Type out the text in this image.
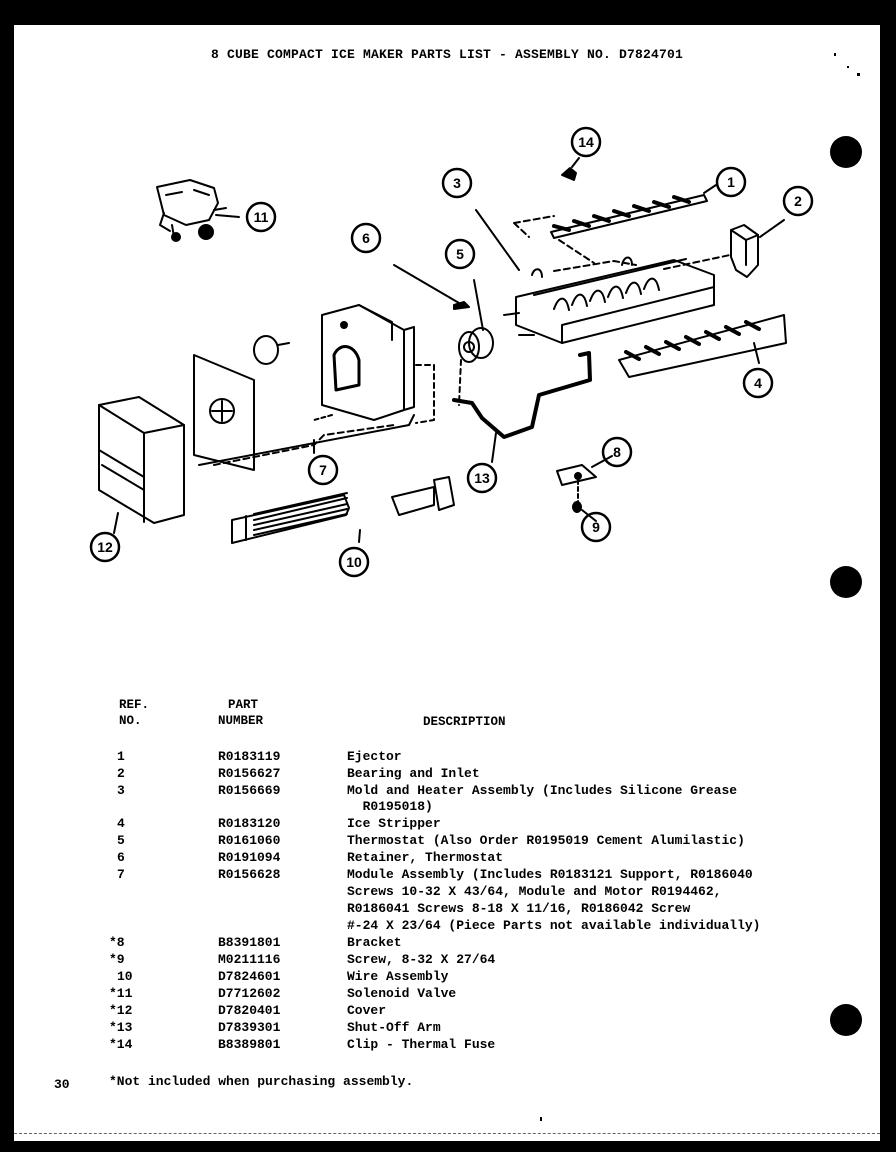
8 CUBE COMPACT ICE MAKER PARTS LIST - ASSEMBLY NO. D7824701
11
14
1
3
2
6
5
4
7	13
8
9
10
12
REF.
NO.
PART
NUMBER	DESCRIPTION
1	R0183119	Ejector
2	R0156627	Bearing and Inlet
3	R0156669	Mold and Heater Assembly (Includes Silicone Grease
R0195018)
4	R0183120	Ice Stripper
5	R0161060	Thermostat (Also Order R0195019 Cement Alumilastic)
6	R0191094	Retainer, Thermostat
7	R0156628	Module Assembly (Includes R0183121 Support, R0186040
Screws 10-32 X 43/64, Module and Motor R0194462,
R0186041 Screws 8-18 X 11/16, R0186042 Screw
#-24 X 23/64 (Piece Parts not available individually)
*8	B8391801	Bracket
*9	M0211116	Screw, 8-32 X 27/64
10	D7824601	Wire Assembly
*11	D7712602	Solenoid Valve
*12	D7820401	Cover
*13	D7839301	Shut-Off Arm
*14	B8389801	Clip - Thermal Fuse
30	*Not included when purchasing assembly.
